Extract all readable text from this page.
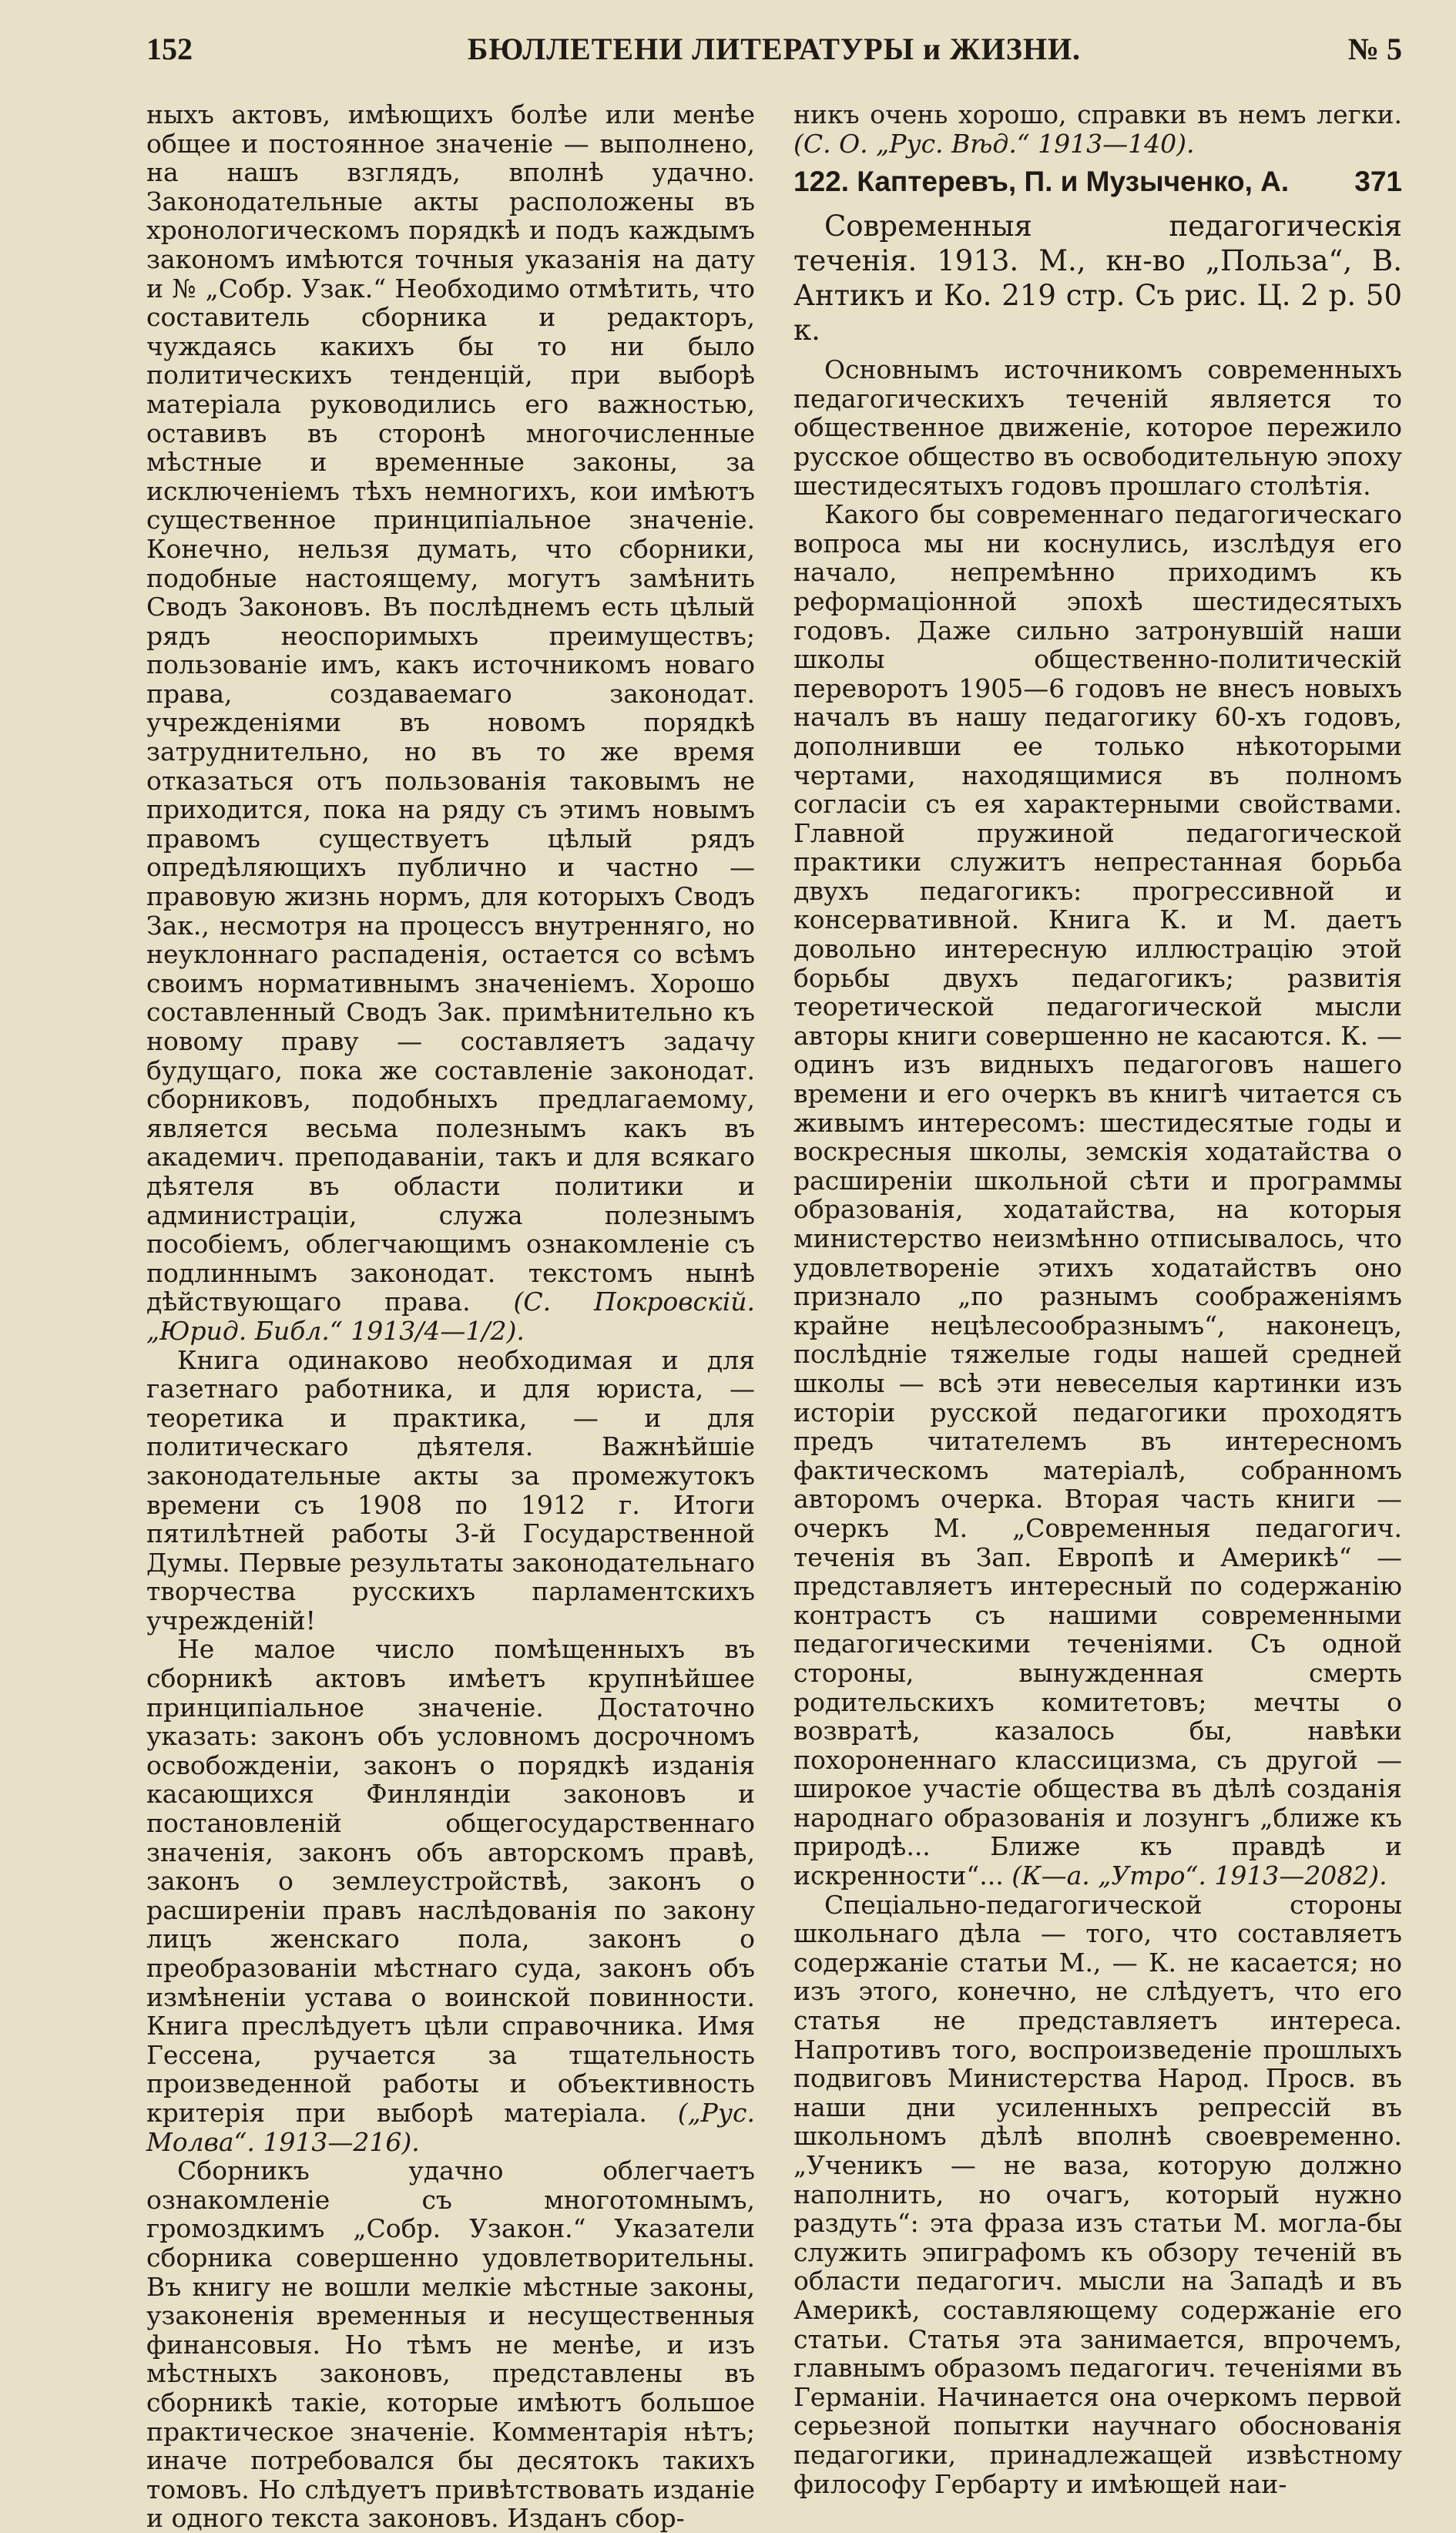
152	БЮЛЛЕТЕНИ ЛИТЕРАТУРЫ и ЖИЗНИ.	№ 5

ныхъ актовъ, имѣющихъ болѣе или менѣе общее и постоянное значеніе — выполнено, на нашъ взглядъ, вполнѣ удачно. Законодательные акты расположены въ хронологическомъ порядкѣ и подъ каждымъ закономъ имѣются точныя указанія на дату и № „Собр. Узак.“ Необходимо отмѣтить, что составитель сборника и редакторъ, чуждаясь какихъ бы то ни было политическихъ тенденцій, при выборѣ матеріала руководились его важностью, оставивъ въ сторонѣ многочисленные мѣстные и временные законы, за исключеніемъ тѣхъ немногихъ, кои имѣютъ существенное принципіальное значеніе. Конечно, нельзя думать, что сборники, подобные настоящему, могутъ замѣнить Сводъ Законовъ. Въ послѣднемъ есть цѣлый рядъ неоспоримыхъ преимуществъ; пользованіе имъ, какъ источникомъ новаго права, создаваемаго законодат. учрежденіями въ новомъ порядкѣ затруднительно, но въ то же время отказаться отъ пользованія таковымъ не приходится, пока на ряду съ этимъ новымъ правомъ существуетъ цѣлый рядъ опредѣляющихъ публично и частно — правовую жизнь нормъ, для которыхъ Сводъ Зак., несмотря на процессъ внутренняго, но неуклоннаго распаденія, остается со всѣмъ своимъ нормативнымъ значеніемъ. Хорошо составленный Сводъ Зак. примѣнительно къ новому праву — составляетъ задачу будущаго, пока же составленіе законодат. сборниковъ, подобныхъ предлагаемому, является весьма полезнымъ какъ въ академич. преподаваніи, такъ и для всякаго дѣятеля въ области политики и администраціи, служа полезнымъ пособіемъ, облегчающимъ ознакомленіе съ подлиннымъ законодат. текстомъ нынѣ дѣйствующаго права. (С. Покровскій. „Юрид. Библ.“ 1913/4—1/2).

Книга одинаково необходимая и для газетнаго работника, и для юриста, — теоретика и практика, — и для политическаго дѣятеля. Важнѣйшіе законодательные акты за промежутокъ времени съ 1908 по 1912 г. Итоги пятилѣтней работы 3-й Государственной Думы. Первые результаты законодательнаго творчества русскихъ парламентскихъ учрежденій!

Не малое число помѣщенныхъ въ сборникѣ актовъ имѣетъ крупнѣйшее принципіальное значеніе. Достаточно указать: законъ объ условномъ досрочномъ освобожденіи, законъ о порядкѣ изданія касающихся Финляндіи законовъ и постановленій общегосударственнаго значенія, законъ объ авторскомъ правѣ, законъ о землеустройствѣ, законъ о расширеніи правъ наслѣдованія по закону лицъ женскаго пола, законъ о преобразованіи мѣстнаго суда, законъ объ измѣненіи устава о воинской повинности. Книга преслѣдуетъ цѣли справочника. Имя Гессена, ручается за тщательность произведенной работы и объективность критерія при выборѣ матеріала. („Рус. Молва“. 1913—216).

Сборникъ удачно облегчаетъ ознакомленіе съ многотомнымъ, громоздкимъ „Собр. Узакон.“ Указатели сборника совершенно удовлетворительны. Въ книгу не вошли мелкіе мѣстные законы, узаконенія временныя и несущественныя финансовыя. Но тѣмъ не менѣе, и изъ мѣстныхъ законовъ, представлены въ сборникѣ такіе, которые имѣютъ большое практическое значеніе. Комментарія нѣтъ; иначе потребовался бы десятокъ такихъ томовъ. Но слѣдуетъ привѣтствовать изданіе и одного текста законовъ. Изданъ сбор-

никъ очень хорошо, справки въ немъ легки. (С. О. „Рус. Вѣд.“ 1913—140).

122. Каптеревъ, П. и Музыченко, А. 371
Современныя педагогическія теченія. 1913. М., кн-во „Польза“, В. Антикъ и Ко. 219 стр. Съ рис. Ц. 2 р. 50 к.

Основнымъ источникомъ современныхъ педагогическихъ теченій является то общественное движеніе, которое пережило русское общество въ освободительную эпоху шестидесятыхъ годовъ прошлаго столѣтія.

Какого бы современнаго педагогическаго вопроса мы ни коснулись, изслѣдуя его начало, непремѣнно приходимъ къ реформаціонной эпохѣ шестидесятыхъ годовъ. Даже сильно затронувшій наши школы общественно-политическій переворотъ 1905—6 годовъ не внесъ новыхъ началъ въ нашу педагогику 60-хъ годовъ, дополнивши ее только нѣкоторыми чертами, находящимися въ полномъ согласіи съ ея характерными свойствами. Главной пружиной педагогической практики служитъ непрестанная борьба двухъ педагогикъ: прогрессивной и консервативной. Книга К. и М. даетъ довольно интересную иллюстрацію этой борьбы двухъ педагогикъ; развитія теоретической педагогической мысли авторы книги совершенно не касаются. К. — одинъ изъ видныхъ педагоговъ нашего времени и его очеркъ въ книгѣ читается съ живымъ интересомъ: шестидесятые годы и воскресныя школы, земскія ходатайства о расширеніи школьной сѣти и программы образованія, ходатайства, на которыя министерство неизмѣнно отписывалось, что удовлетвореніе этихъ ходатайствъ оно признало „по разнымъ соображеніямъ крайне нецѣлесообразнымъ“, наконецъ, послѣдніе тяжелые годы нашей средней школы — всѣ эти невеселыя картинки изъ исторіи русской педагогики проходятъ предъ читателемъ въ интересномъ фактическомъ матеріалѣ, собранномъ авторомъ очерка. Вторая часть книги — очеркъ М. „Современныя педагогич. теченія въ Зап. Европѣ и Америкѣ“ — представляетъ интересный по содержанію контрастъ съ нашими современными педагогическими теченіями. Съ одной стороны, вынужденная смерть родительскихъ комитетовъ; мечты о возвратѣ, казалось бы, навѣки похороненнаго классицизма, съ другой — широкое участіе общества въ дѣлѣ созданія народнаго образованія и лозунгъ „ближе къ природѣ... Ближе къ правдѣ и искренности“... (К—а. „Утро“. 1913—2082).

Спеціально-педагогической стороны школьнаго дѣла — того, что составляетъ содержаніе статьи М., — К. не касается; но изъ этого, конечно, не слѣдуетъ, что его статья не представляетъ интереса. Напротивъ того, воспроизведеніе прошлыхъ подвиговъ Министерства Народ. Просв. въ наши дни усиленныхъ репрессій въ школьномъ дѣлѣ вполнѣ своевременно. „Ученикъ — не ваза, которую должно наполнить, но очагъ, который нужно раздуть“: эта фраза изъ статьи М. могла-бы служить эпиграфомъ къ обзору теченій въ области педагогич. мысли на Западѣ и въ Америкѣ, составляющему содержаніе его статьи. Статья эта занимается, впрочемъ, главнымъ образомъ педагогич. теченіями въ Германіи. Начинается она очеркомъ первой серьезной попытки научнаго обоснованія педагогики, принадлежащей извѣстному философу Гербарту и имѣющей наи-
